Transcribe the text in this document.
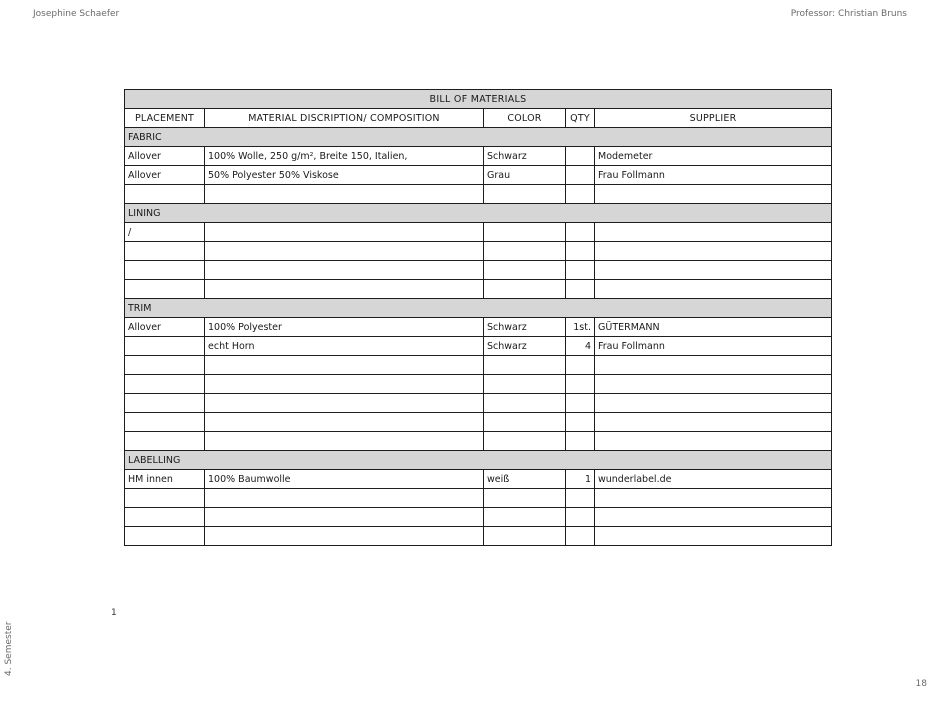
Josephine Schaefer	Professor: Christian Bruns
4. Semester
BILL OF MATERIALS				
PLACEMENT	MATERIAL DISCRIPTION/ COMPOSITION	COLOR	QTY	SUPPLIER
FABRIC				
Allover	100% Wolle, 250 g/m², Breite 150, Italien,	Schwarz		Modemeter
Allover	50% Polyester 50% Viskose	Grau		Frau Follmann

LINING				
/				

TRIM				
Allover	100% Polyester	Schwarz	1st.	GÜTERMANN
	echt Horn	Schwarz	4	Frau Follmann

LABELLING				
HM innen	100% Baumwolle	weiß	1	wunderlabel.de

1
18
